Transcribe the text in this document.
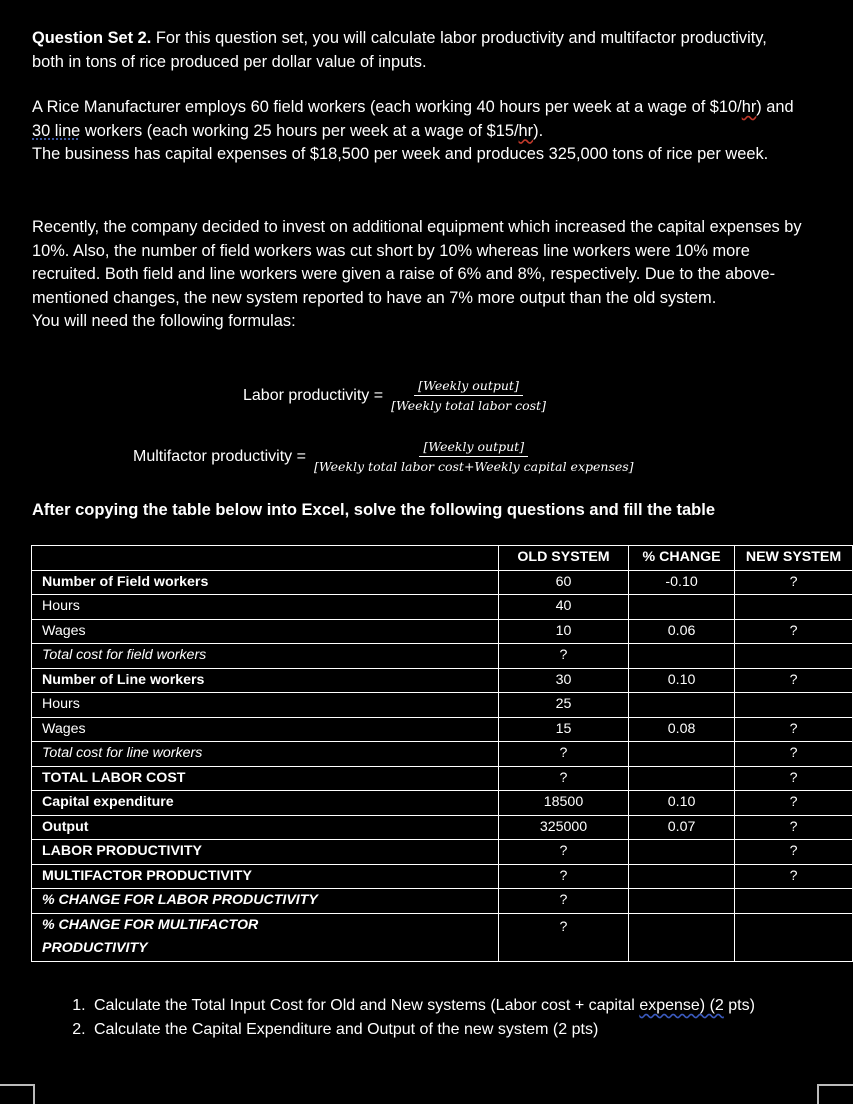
Question Set 2. For this question set, you will calculate labor productivity and multifactor productivity, both in tons of rice produced per dollar value of inputs.
A Rice Manufacturer employs 60 field workers (each working 40 hours per week at a wage of $10/hr) and 30 line workers (each working 25 hours per week at a wage of $15/hr).
The business has capital expenses of $18,500 per week and produces 325,000 tons of rice per week.
Recently, the company decided to invest on additional equipment which increased the capital expenses by 10%. Also, the number of field workers was cut short by 10% whereas line workers were 10% more recruited. Both field and line workers were given a raise of 6% and 8%, respectively. Due to the above-mentioned changes, the new system reported to have an 7% more output than the old system.
You will need the following formulas:
Labor productivity = $\frac{\text{[Weekly output]}}{\text{[Weekly total labor cost]}}$
Multifactor productivity = $\frac{\text{[Weekly output]}}{\text{[Weekly total labor cost+Weekly capital expenses]}}$
After copying the table below into Excel, solve the following questions and fill the table
	OLD SYSTEM	% CHANGE	NEW SYSTEM
Number of Field workers	60	-0.10	?
Hours	40		
Wages	10	0.06	?
Total cost for field workers	?		
Number of Line workers	30	0.10	?
Hours	25		
Wages	15	0.08	?
Total cost for line workers	?		?
TOTAL LABOR COST	?		?
Capital expenditure	18500	0.10	?
Output	325000	0.07	?
LABOR PRODUCTIVITY	?		?
MULTIFACTOR PRODUCTIVITY	?		?
% CHANGE FOR LABOR PRODUCTIVITY	?		
% CHANGE FOR MULTIFACTOR PRODUCTIVITY	?		
1. Calculate the Total Input Cost for Old and New systems (Labor cost + capital expense) (2 pts)
2. Calculate the Capital Expenditure and Output of the new system (2 pts)
